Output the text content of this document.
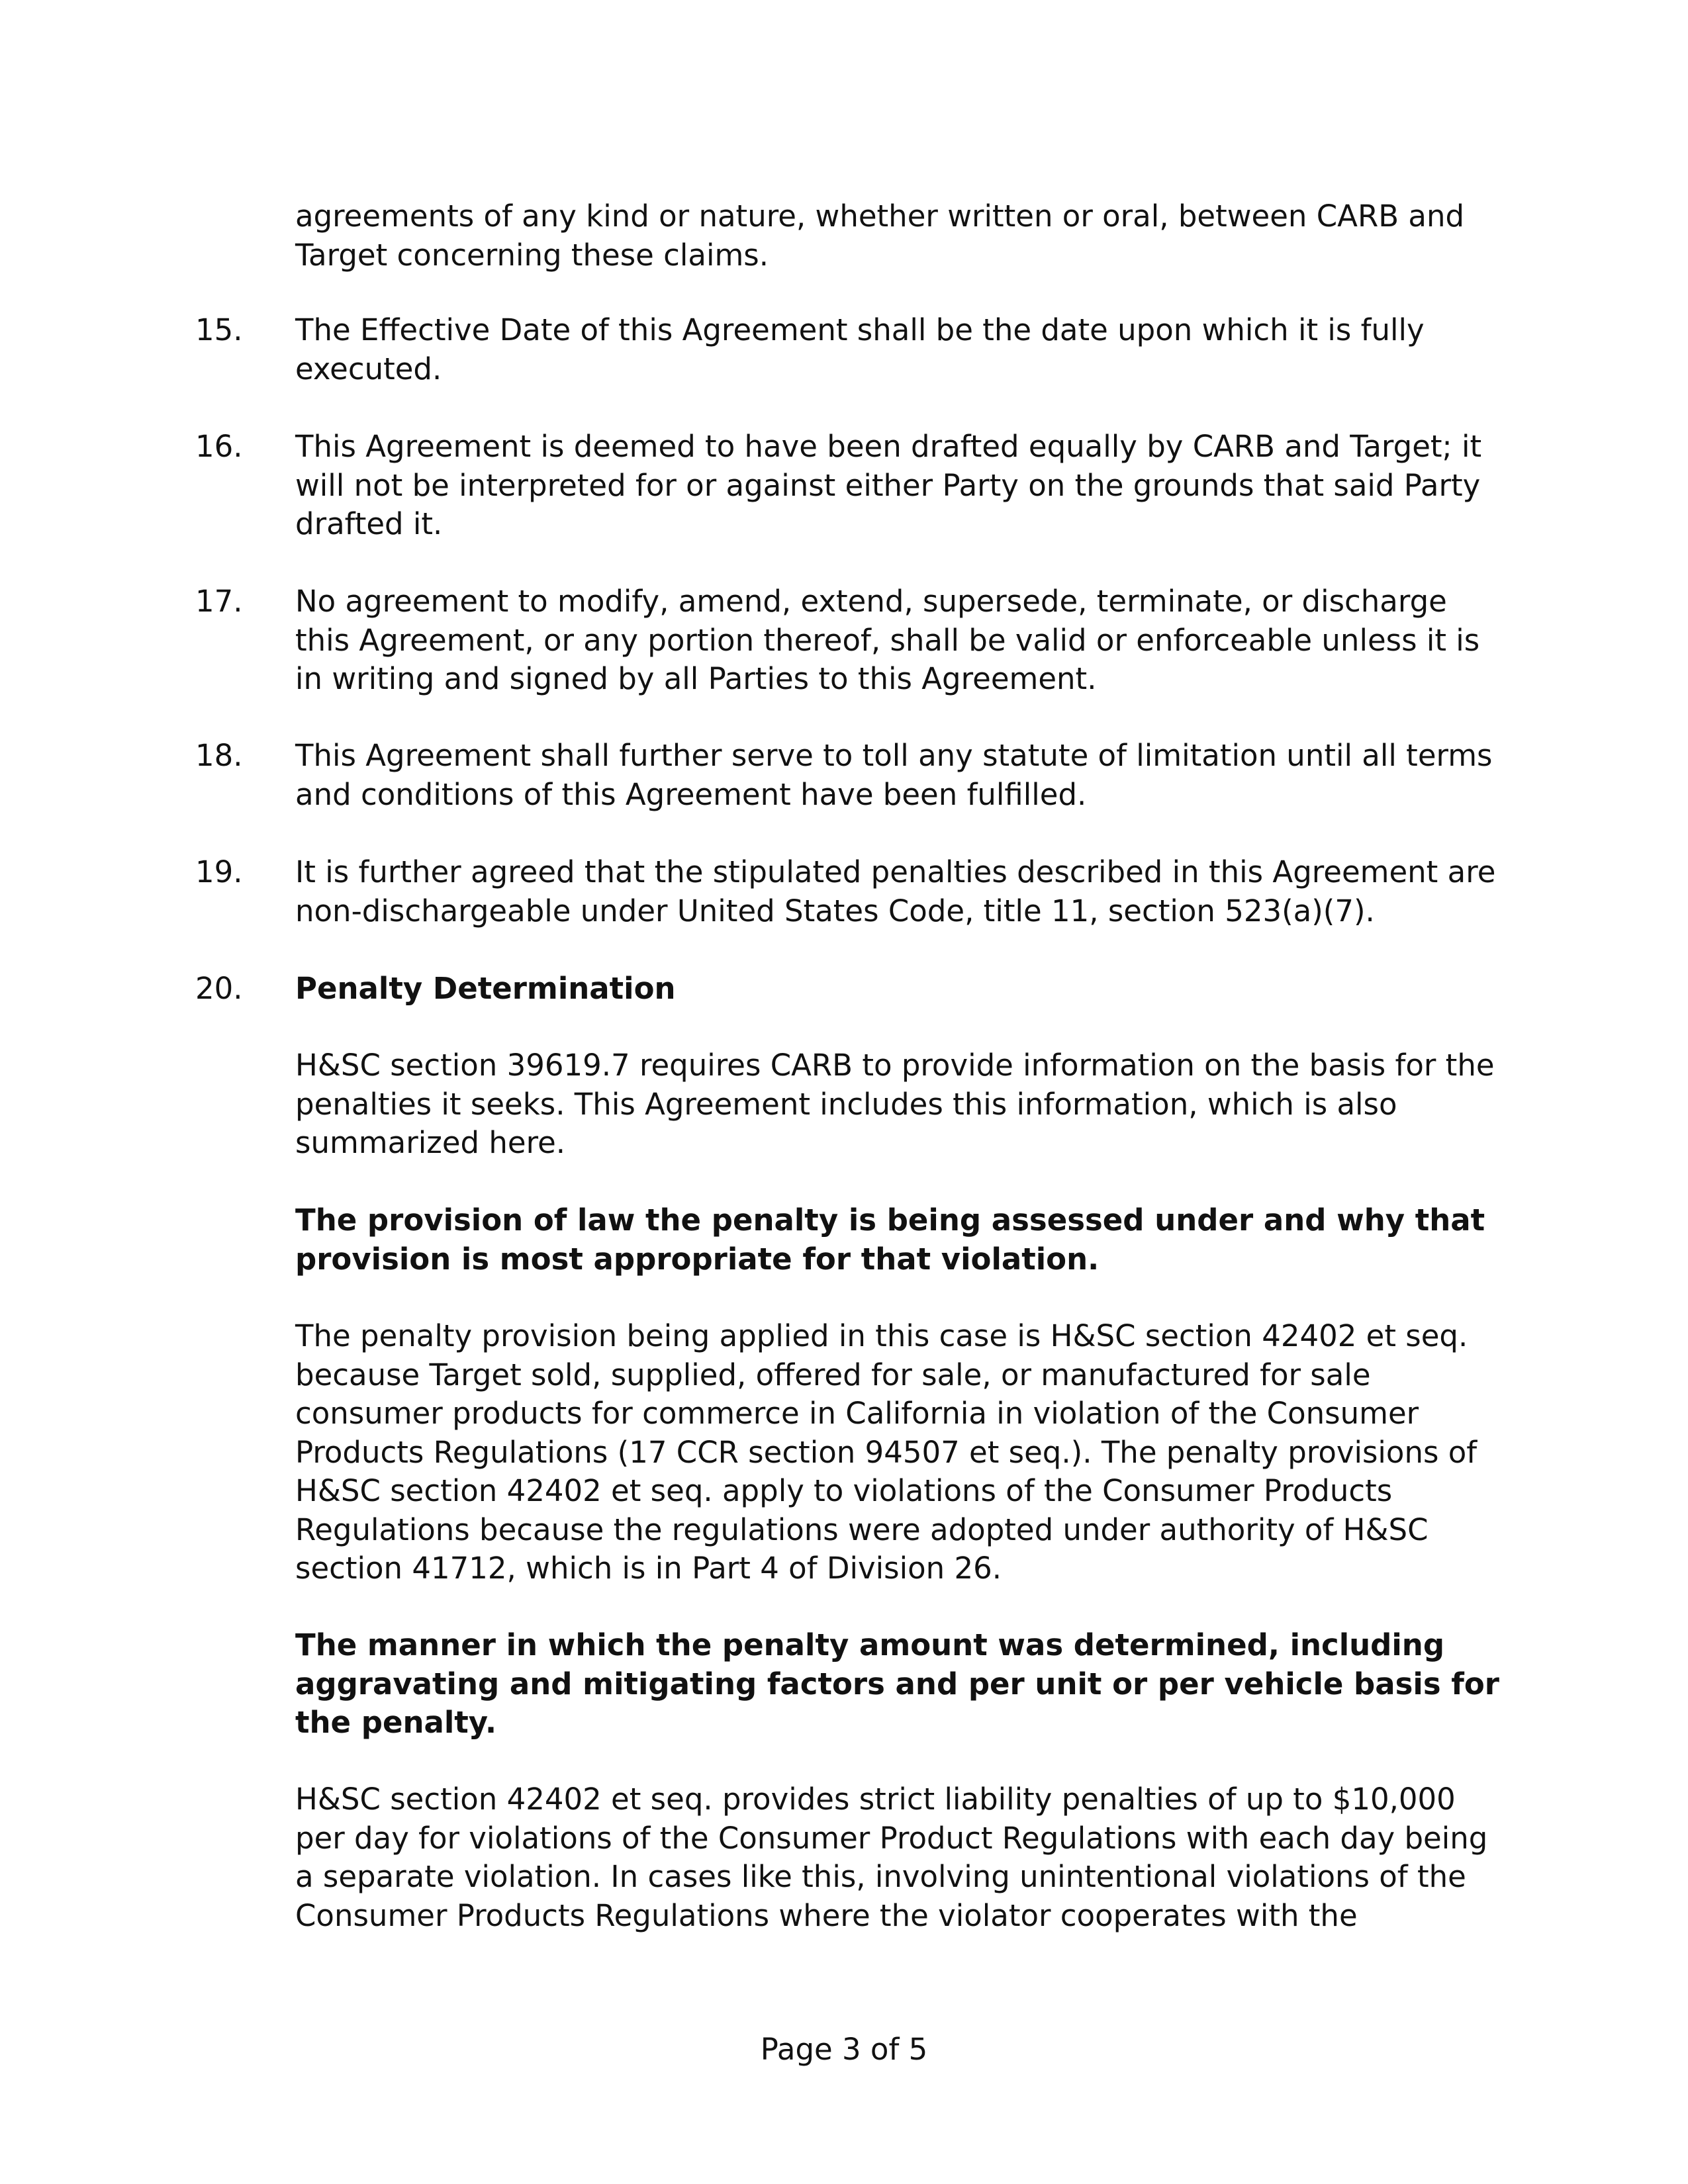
agreements of any kind or nature, whether written or oral, between CARB and Target concerning these claims.

15. The Effective Date of this Agreement shall be the date upon which it is fully executed.

16. This Agreement is deemed to have been drafted equally by CARB and Target; it will not be interpreted for or against either Party on the grounds that said Party drafted it.

17. No agreement to modify, amend, extend, supersede, terminate, or discharge this Agreement, or any portion thereof, shall be valid or enforceable unless it is in writing and signed by all Parties to this Agreement.

18. This Agreement shall further serve to toll any statute of limitation until all terms and conditions of this Agreement have been fulfilled.

19. It is further agreed that the stipulated penalties described in this Agreement are non-dischargeable under United States Code, title 11, section 523(a)(7).

20. Penalty Determination

H&SC section 39619.7 requires CARB to provide information on the basis for the penalties it seeks. This Agreement includes this information, which is also summarized here.

The provision of law the penalty is being assessed under and why that provision is most appropriate for that violation.

The penalty provision being applied in this case is H&SC section 42402 et seq. because Target sold, supplied, offered for sale, or manufactured for sale consumer products for commerce in California in violation of the Consumer Products Regulations (17 CCR section 94507 et seq.). The penalty provisions of H&SC section 42402 et seq. apply to violations of the Consumer Products Regulations because the regulations were adopted under authority of H&SC section 41712, which is in Part 4 of Division 26.

The manner in which the penalty amount was determined, including aggravating and mitigating factors and per unit or per vehicle basis for the penalty.

H&SC section 42402 et seq. provides strict liability penalties of up to $10,000 per day for violations of the Consumer Product Regulations with each day being a separate violation. In cases like this, involving unintentional violations of the Consumer Products Regulations where the violator cooperates with the

Page 3 of 5
